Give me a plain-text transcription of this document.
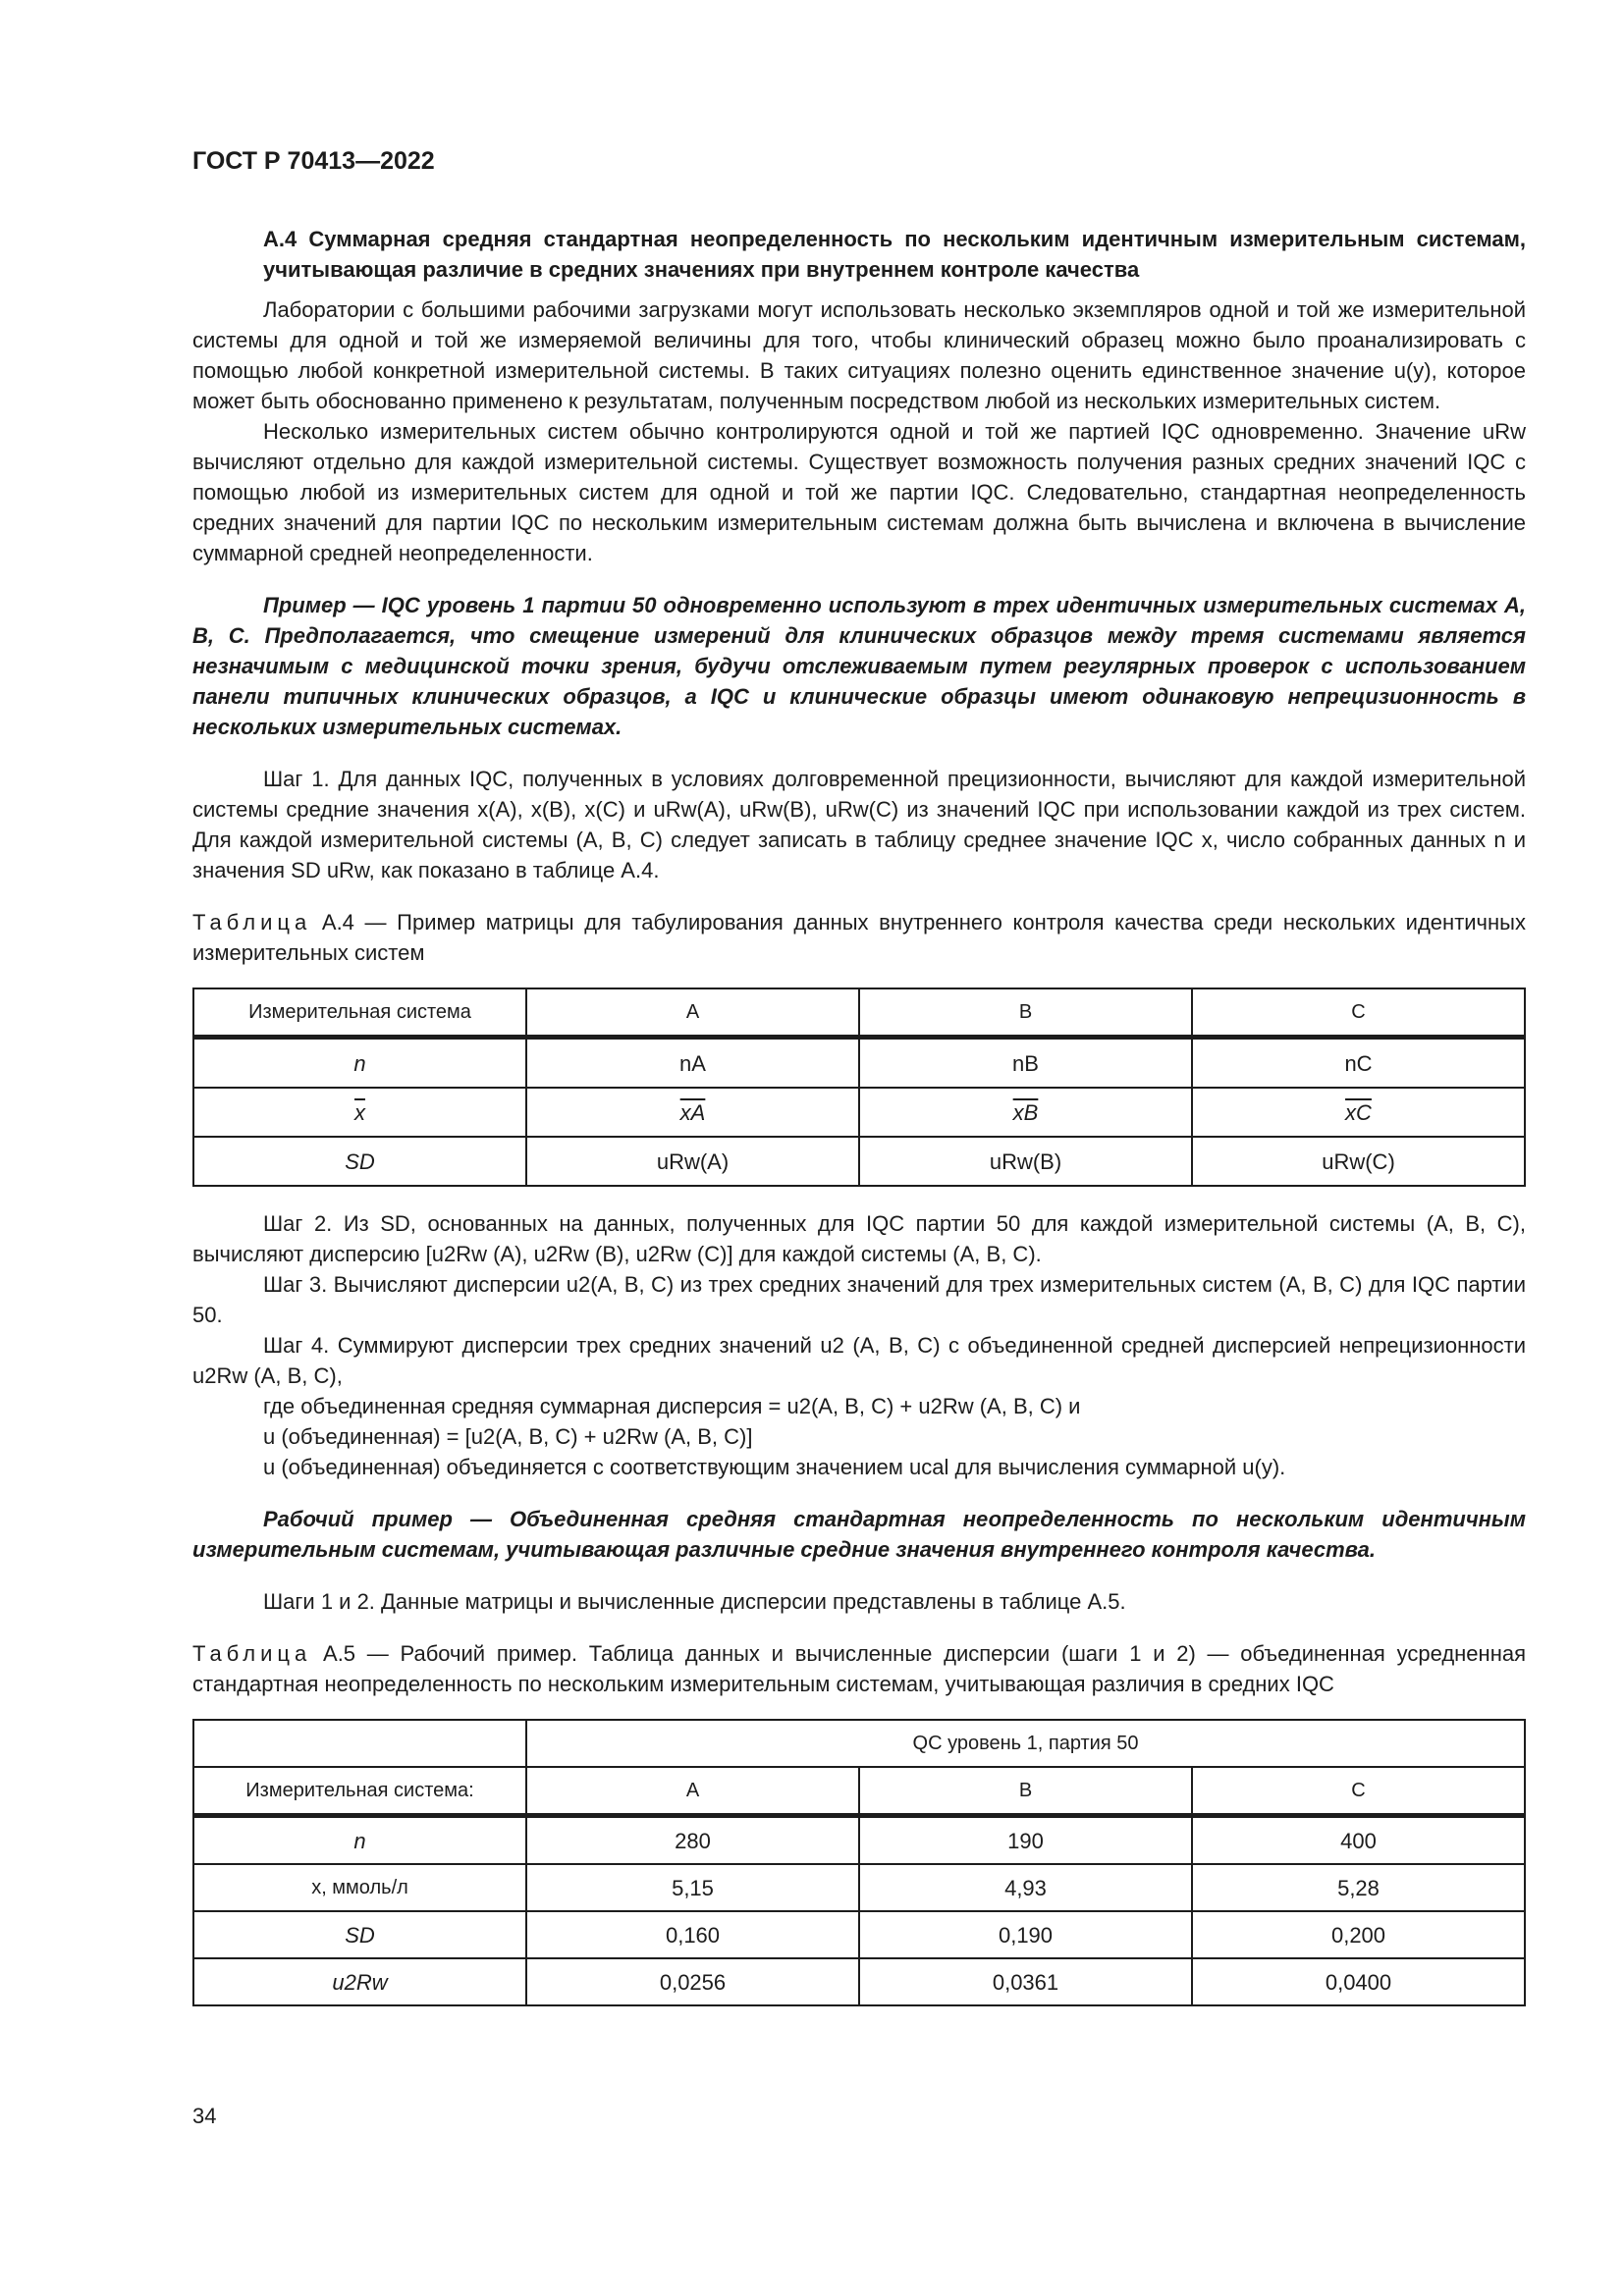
ГОСТ Р 70413—2022

А.4 Суммарная средняя стандартная неопределенность по нескольким идентичным измерительным системам, учитывающая различие в средних значениях при внутреннем контроле качества

Лаборатории с большими рабочими загрузками могут использовать несколько экземпляров одной и той же измерительной системы для одной и той же измеряемой величины для того, чтобы клинический образец можно было проанализировать с помощью любой конкретной измерительной системы. В таких ситуациях полезно оценить единственное значение u(y), которое может быть обоснованно применено к результатам, полученным посредством любой из нескольких измерительных систем.

Несколько измерительных систем обычно контролируются одной и той же партией IQC одновременно. Значение uRw вычисляют отдельно для каждой измерительной системы. Существует возможность получения разных средних значений IQC с помощью любой из измерительных систем для одной и той же партии IQC. Следовательно, стандартная неопределенность средних значений для партии IQC по нескольким измерительным системам должна быть вычислена и включена в вычисление суммарной средней неопределенности.

Пример — IQC уровень 1 партии 50 одновременно используют в трех идентичных измерительных системах А, В, С. Предполагается, что смещение измерений для клинических образцов между тремя системами является незначимым с медицинской точки зрения, будучи отслеживаемым путем регулярных проверок с использованием панели типичных клинических образцов, а IQC и клинические образцы имеют одинаковую непрецизионность в нескольких измерительных системах.

Шаг 1. Для данных IQC, полученных в условиях долговременной прецизионности, вычисляют для каждой измерительной системы средние значения x(A), x(B), x(C) и uRw(A), uRw(B), uRw(C) из значений IQC при использовании каждой из трех систем. Для каждой измерительной системы (А, В, С) следует записать в таблицу среднее значение IQC x, число собранных данных n и значения SD uRw, как показано в таблице А.4.

Таблица А.4 — Пример матрицы для табулирования данных внутреннего контроля качества среди нескольких идентичных измерительных систем

Измерительная система	A	B	C
n	nA	nB	nC
$\overline{x}$	$\overline{xA}$	$\overline{xB}$	$\overline{xC}$
SD	uRw(A)	uRw(B)	uRw(C)

Шаг 2. Из SD, основанных на данных, полученных для IQC партии 50 для каждой измерительной системы (А, В, С), вычисляют дисперсию [u2Rw (A), u2Rw (B), u2Rw (C)] для каждой системы (А, В, С).

Шаг 3. Вычисляют дисперсии u2(A, B, C) из трех средних значений для трех измерительных систем (А, В, С) для IQC партии 50.

Шаг 4. Суммируют дисперсии трех средних значений u2 (A, B, C) с объединенной средней дисперсией непрецизионности u2Rw (A, B, C),

где объединенная средняя суммарная дисперсия = u2(A, B, C) + u2Rw (A, B, C) и

u (объединенная) = [u2(A, B, C) + u2Rw (A, B, C)]

u (объединенная) объединяется с соответствующим значением ucal для вычисления суммарной u(y).

Рабочий пример — Объединенная средняя стандартная неопределенность по нескольким идентичным измерительным системам, учитывающая различные средние значения внутреннего контроля качества.

Шаги 1 и 2. Данные матрицы и вычисленные дисперсии представлены в таблице А.5.

Таблица А.5 — Рабочий пример. Таблица данных и вычисленные дисперсии (шаги 1 и 2) — объединенная усредненная стандартная неопределенность по нескольким измерительным системам, учитывающая различия в средних IQC

	QC уровень 1, партия 50		
Измерительная система:	A	B	C
n	280	190	400
x, ммоль/л	5,15	4,93	5,28
SD	0,160	0,190	0,200
u2Rw	0,0256	0,0361	0,0400
34
